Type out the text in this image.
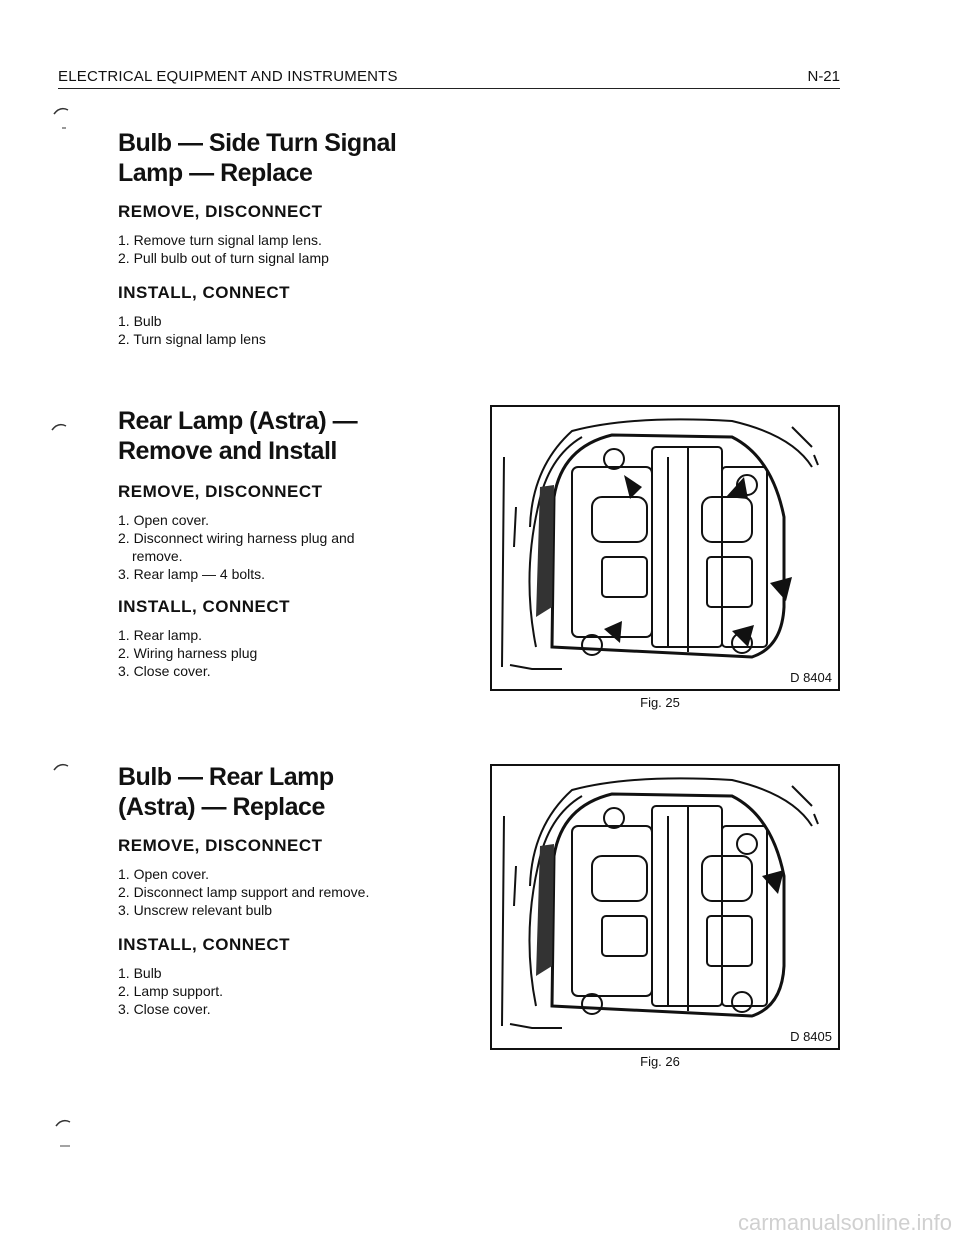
ELECTRICAL EQUIPMENT AND INSTRUMENTS	N-21
Bulb — Side Turn Signal
Lamp — Replace
REMOVE, DISCONNECT
1. Remove turn signal lamp lens.
2. Pull bulb out of turn signal lamp
INSTALL, CONNECT
1. Bulb
2. Turn signal lamp lens
Rear Lamp (Astra) —
Remove and Install
REMOVE, DISCONNECT
1. Open cover.
2. Disconnect wiring harness plug and
remove.
3. Rear lamp — 4 bolts.
INSTALL, CONNECT
1. Rear lamp.
2. Wiring harness plug
3. Close cover.
Bulb — Rear Lamp
(Astra) — Replace
REMOVE, DISCONNECT
1. Open cover.
2. Disconnect lamp support and remove.
3. Unscrew relevant bulb
INSTALL, CONNECT
1. Bulb
2. Lamp support.
3. Close cover.
D 8404
Fig. 25
D 8405
Fig. 26
carmanualsonline.info
